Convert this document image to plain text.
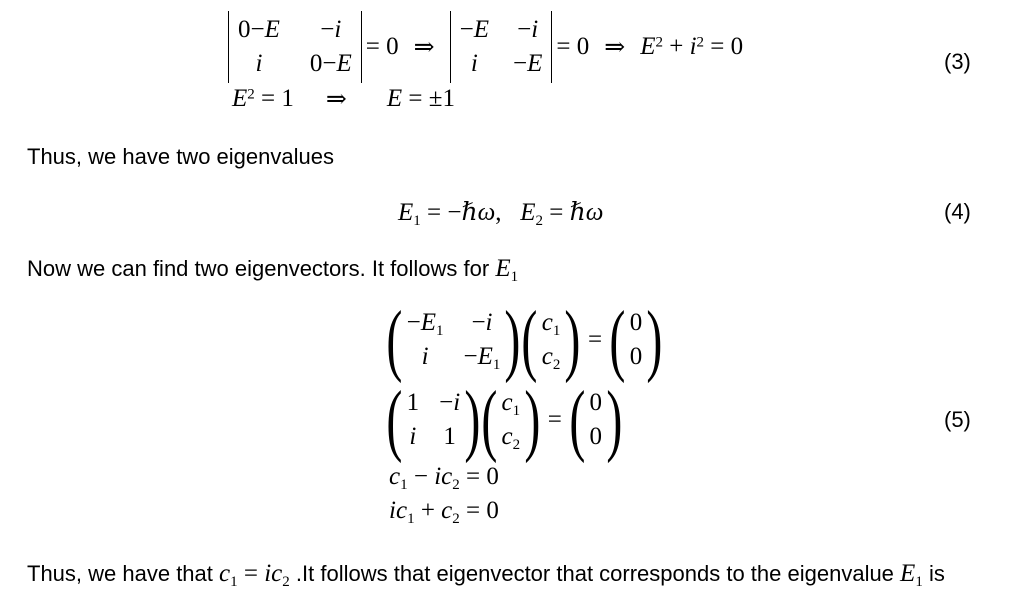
0−E −i
i 0−E
= 0 ⇒
−E −i
i −E
= 0 ⇒ $E^2 + i^2 = 0$
(3)
$E^2 = 1$ ⇒ E = ±1
Thus, we have two eigenvalues
$E_1$ = −ℏω,   $E_2$ = ℏω	(4)
Now we can find two eigenvectors. It follows for $E_1$
( $-E_1 -i$
$i -E_1$ ) ( $c_1$
$c_2$ ) = ( 0
0 )
( 1 −i
i 1 ) ( $c_1$
$c_2$ ) = ( 0
0 )
$c_1 - ic_2 = 0$
$ic_1 + c_2 = 0$
(5)
Thus, we have that $c_1 = ic_2$ .It follows that eigenvector that corresponds to the eigenvalue $E_1$ is
